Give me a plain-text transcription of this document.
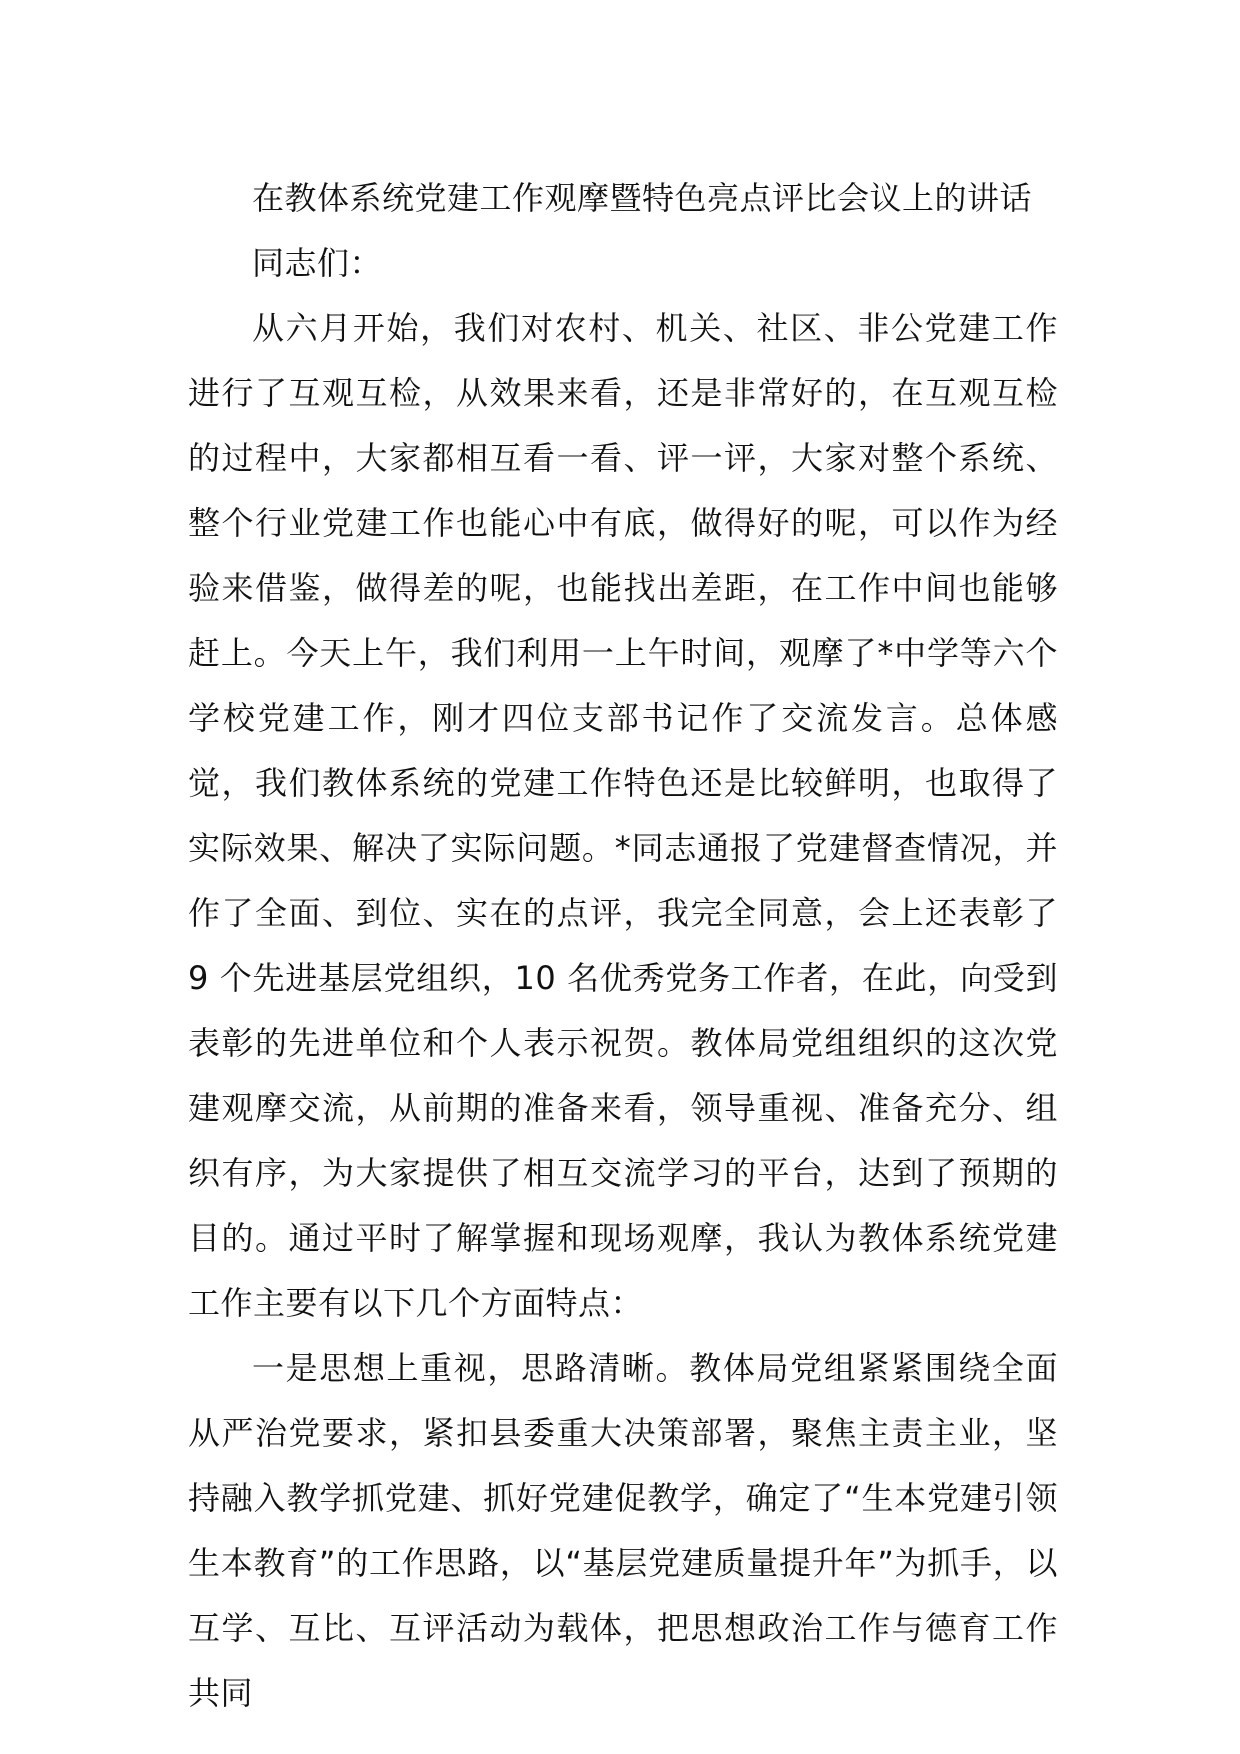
在教体系统党建工作观摩暨特色亮点评比会议上的讲话

同志们：

从六月开始，我们对农村、机关、社区、非公党建工作进行了互观互检，从效果来看，还是非常好的，在互观互检的过程中，大家都相互看一看、评一评，大家对整个系统、整个行业党建工作也能心中有底，做得好的呢，可以作为经验来借鉴，做得差的呢，也能找出差距，在工作中间也能够赶上。今天上午，我们利用一上午时间，观摩了*中学等六个学校党建工作，刚才四位支部书记作了交流发言。总体感觉，我们教体系统的党建工作特色还是比较鲜明，也取得了实际效果、解决了实际问题。*同志通报了党建督查情况，并作了全面、到位、实在的点评，我完全同意，会上还表彰了 9 个先进基层党组织，10 名优秀党务工作者，在此，向受到表彰的先进单位和个人表示祝贺。教体局党组组织的这次党建观摩交流，从前期的准备来看，领导重视、准备充分、组织有序，为大家提供了相互交流学习的平台，达到了预期的目的。通过平时了解掌握和现场观摩，我认为教体系统党建工作主要有以下几个方面特点：

一是思想上重视，思路清晰。教体局党组紧紧围绕全面从严治党要求，紧扣县委重大决策部署，聚焦主责主业，坚持融入教学抓党建、抓好党建促教学，确定了“生本党建引领生本教育”的工作思路，以“基层党建质量提升年”为抓手，以互学、互比、互评活动为载体，把思想政治工作与德育工作共同
